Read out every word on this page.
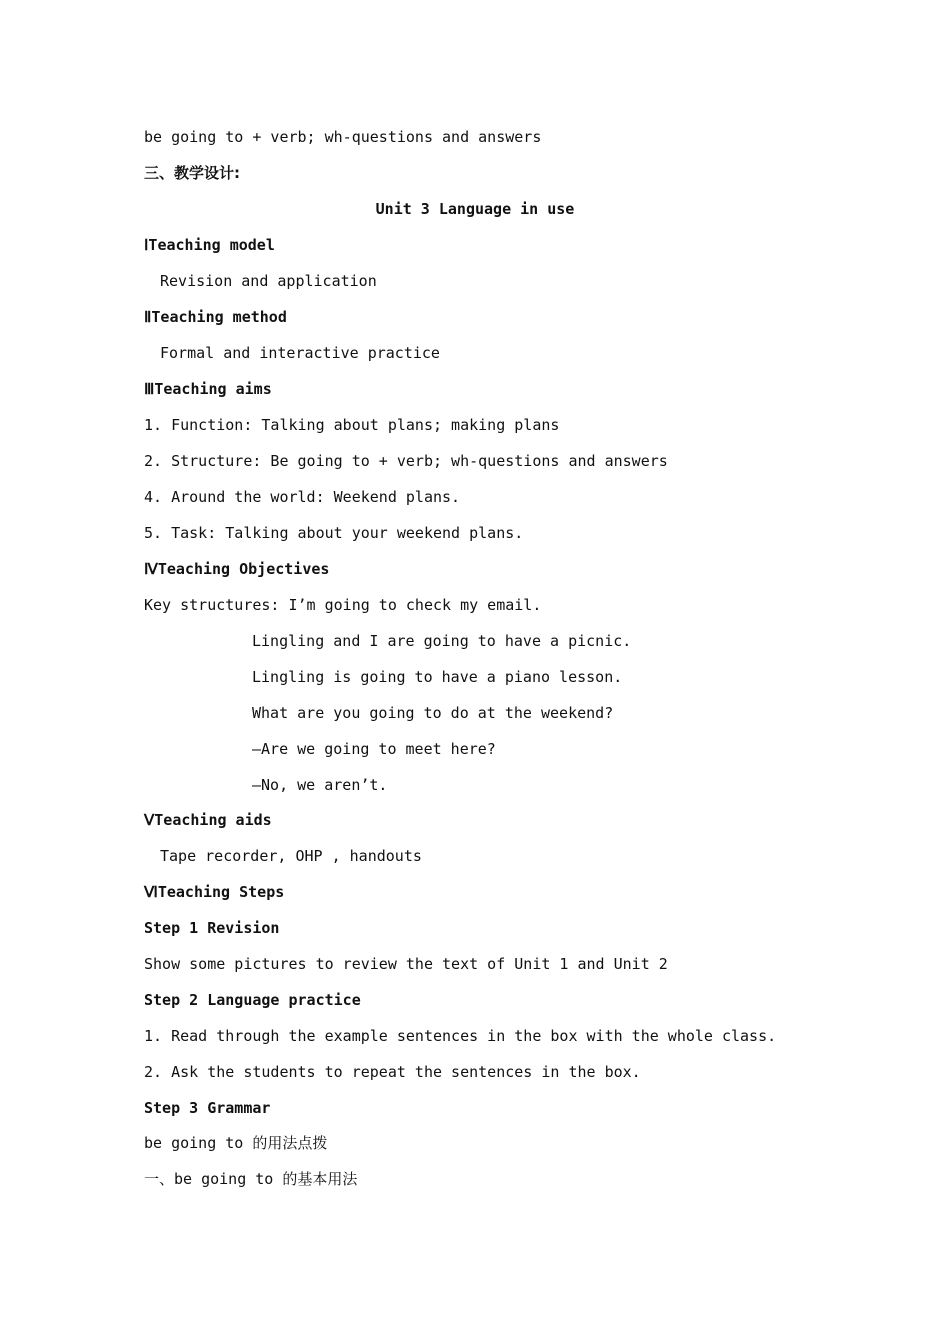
be going to + verb; wh-questions and answers
三、教学设计:
Unit 3 Language in use
ⅠTeaching model
Revision and application
ⅡTeaching method
Formal and interactive practice
ⅢTeaching aims
1. Function: Talking about plans; making plans
2. Structure: Be going to + verb; wh-questions and answers
4. Around the world: Weekend plans.
5. Task: Talking about your weekend plans.
ⅣTeaching Objectives
Key structures: I’m going to check my email.
Lingling and I are going to have a picnic.
Lingling is going to have a piano lesson.
What are you going to do at the weekend?
—Are we going to meet here?
—No, we aren’t.
ⅤTeaching aids
Tape recorder, OHP , handouts
ⅥTeaching Steps
Step 1 Revision
Show some pictures to review the text of Unit 1 and Unit 2
Step 2 Language practice
1. Read through the example sentences in the box with the whole class.
2. Ask the students to repeat the sentences in the box.
Step 3 Grammar
be going to 的用法点拨
一、be going to 的基本用法
